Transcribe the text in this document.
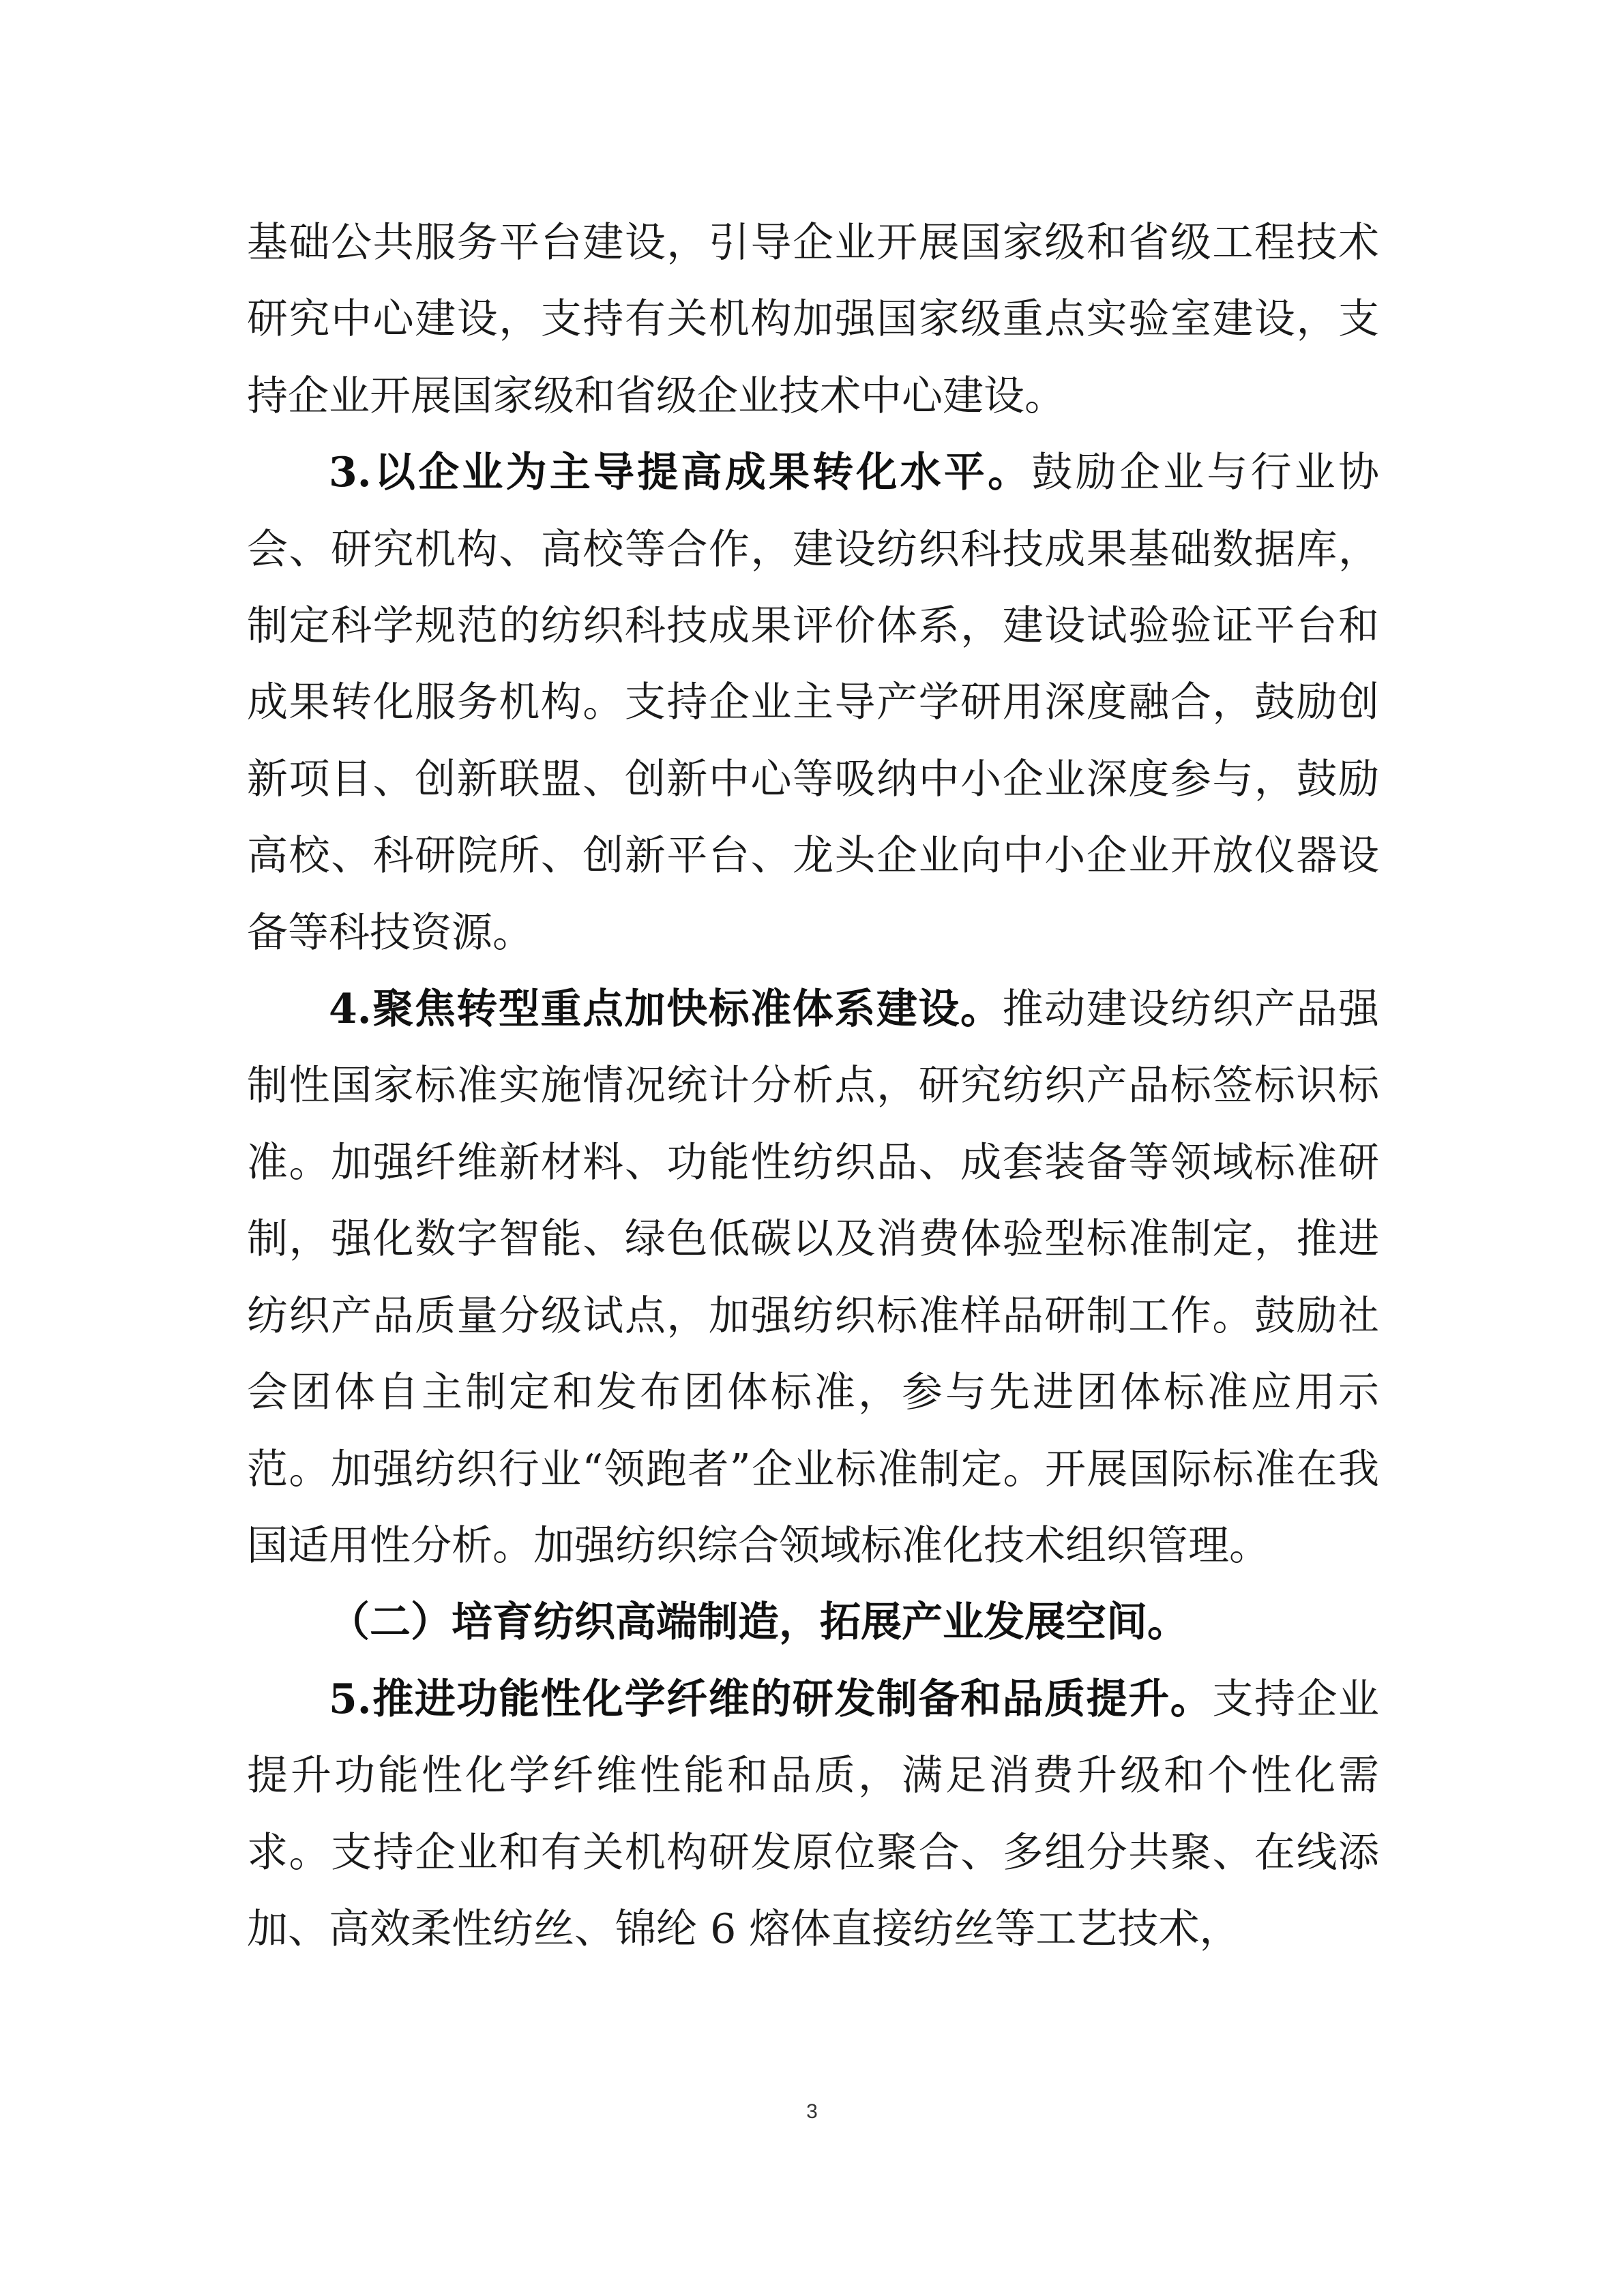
基础公共服务平台建设，引导企业开展国家级和省级工程技术研究中心建设，支持有关机构加强国家级重点实验室建设，支持企业开展国家级和省级企业技术中心建设。

3.以企业为主导提高成果转化水平。鼓励企业与行业协会、研究机构、高校等合作，建设纺织科技成果基础数据库，制定科学规范的纺织科技成果评价体系，建设试验验证平台和成果转化服务机构。支持企业主导产学研用深度融合，鼓励创新项目、创新联盟、创新中心等吸纳中小企业深度参与，鼓励高校、科研院所、创新平台、龙头企业向中小企业开放仪器设备等科技资源。

4.聚焦转型重点加快标准体系建设。推动建设纺织产品强制性国家标准实施情况统计分析点，研究纺织产品标签标识标准。加强纤维新材料、功能性纺织品、成套装备等领域标准研制，强化数字智能、绿色低碳以及消费体验型标准制定，推进纺织产品质量分级试点，加强纺织标准样品研制工作。鼓励社会团体自主制定和发布团体标准，参与先进团体标准应用示范。加强纺织行业“领跑者”企业标准制定。开展国际标准在我国适用性分析。加强纺织综合领域标准化技术组织管理。

（二）培育纺织高端制造，拓展产业发展空间。

5.推进功能性化学纤维的研发制备和品质提升。支持企业提升功能性化学纤维性能和品质，满足消费升级和个性化需求。支持企业和有关机构研发原位聚合、多组分共聚、在线添加、高效柔性纺丝、锦纶 6 熔体直接纺丝等工艺技术，

3
